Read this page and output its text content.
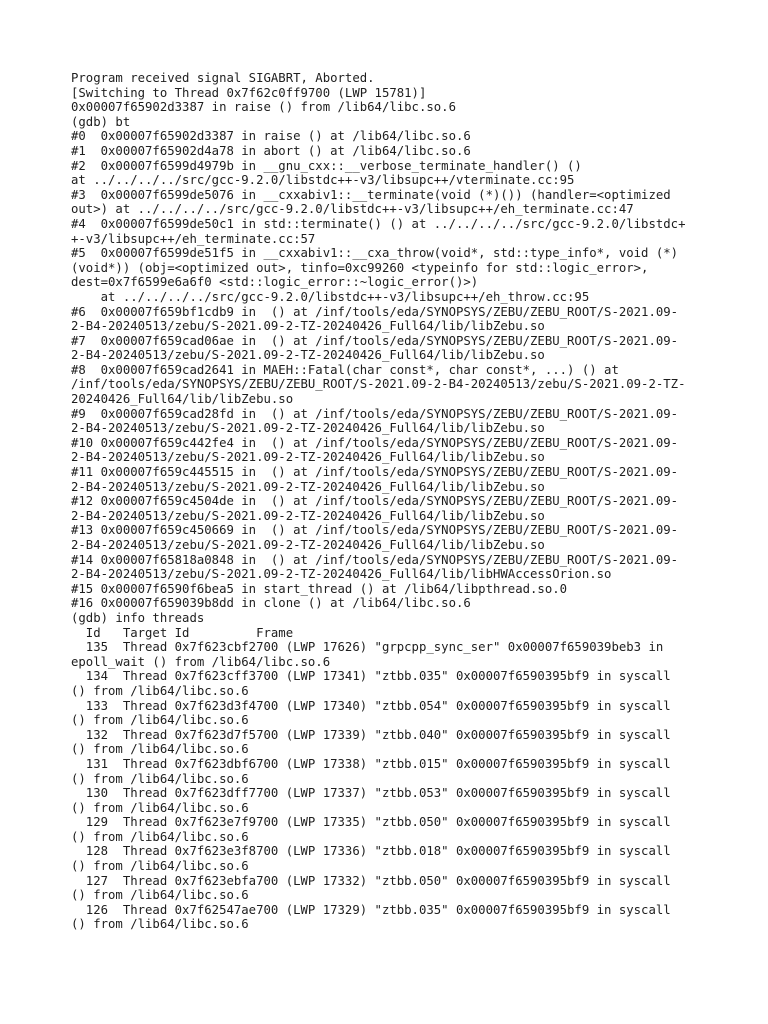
Program received signal SIGABRT, Aborted.
[Switching to Thread 0x7f62c0ff9700 (LWP 15781)]
0x00007f65902d3387 in raise () from /lib64/libc.so.6
(gdb) bt
#0  0x00007f65902d3387 in raise () at /lib64/libc.so.6
#1  0x00007f65902d4a78 in abort () at /lib64/libc.so.6
#2  0x00007f6599d4979b in __gnu_cxx::__verbose_terminate_handler() ()
at ../../../../src/gcc-9.2.0/libstdc++-v3/libsupc++/vterminate.cc:95
#3  0x00007f6599de5076 in __cxxabiv1::__terminate(void (*)()) (handler=<optimized
out>) at ../../../../src/gcc-9.2.0/libstdc++-v3/libsupc++/eh_terminate.cc:47
#4  0x00007f6599de50c1 in std::terminate() () at ../../../../src/gcc-9.2.0/libstdc+
+-v3/libsupc++/eh_terminate.cc:57
#5  0x00007f6599de51f5 in __cxxabiv1::__cxa_throw(void*, std::type_info*, void (*)
(void*)) (obj=<optimized out>, tinfo=0xc99260 <typeinfo for std::logic_error>,
dest=0x7f6599e6a6f0 <std::logic_error::~logic_error()>)
at ../../../../src/gcc-9.2.0/libstdc++-v3/libsupc++/eh_throw.cc:95
#6  0x00007f659bf1cdb9 in  () at /inf/tools/eda/SYNOPSYS/ZEBU/ZEBU_ROOT/S-2021.09-
2-B4-20240513/zebu/S-2021.09-2-TZ-20240426_Full64/lib/libZebu.so
#7  0x00007f659cad06ae in  () at /inf/tools/eda/SYNOPSYS/ZEBU/ZEBU_ROOT/S-2021.09-
2-B4-20240513/zebu/S-2021.09-2-TZ-20240426_Full64/lib/libZebu.so
#8  0x00007f659cad2641 in MAEH::Fatal(char const*, char const*, ...) () at
/inf/tools/eda/SYNOPSYS/ZEBU/ZEBU_ROOT/S-2021.09-2-B4-20240513/zebu/S-2021.09-2-TZ-
20240426_Full64/lib/libZebu.so
#9  0x00007f659cad28fd in  () at /inf/tools/eda/SYNOPSYS/ZEBU/ZEBU_ROOT/S-2021.09-
2-B4-20240513/zebu/S-2021.09-2-TZ-20240426_Full64/lib/libZebu.so
#10 0x00007f659c442fe4 in  () at /inf/tools/eda/SYNOPSYS/ZEBU/ZEBU_ROOT/S-2021.09-
2-B4-20240513/zebu/S-2021.09-2-TZ-20240426_Full64/lib/libZebu.so
#11 0x00007f659c445515 in  () at /inf/tools/eda/SYNOPSYS/ZEBU/ZEBU_ROOT/S-2021.09-
2-B4-20240513/zebu/S-2021.09-2-TZ-20240426_Full64/lib/libZebu.so
#12 0x00007f659c4504de in  () at /inf/tools/eda/SYNOPSYS/ZEBU/ZEBU_ROOT/S-2021.09-
2-B4-20240513/zebu/S-2021.09-2-TZ-20240426_Full64/lib/libZebu.so
#13 0x00007f659c450669 in  () at /inf/tools/eda/SYNOPSYS/ZEBU/ZEBU_ROOT/S-2021.09-
2-B4-20240513/zebu/S-2021.09-2-TZ-20240426_Full64/lib/libZebu.so
#14 0x00007f65818a0848 in  () at /inf/tools/eda/SYNOPSYS/ZEBU/ZEBU_ROOT/S-2021.09-
2-B4-20240513/zebu/S-2021.09-2-TZ-20240426_Full64/lib/libHWAccessOrion.so
#15 0x00007f6590f6bea5 in start_thread () at /lib64/libpthread.so.0
#16 0x00007f659039b8dd in clone () at /lib64/libc.so.6
(gdb) info threads
Id   Target Id         Frame
135  Thread 0x7f623cbf2700 (LWP 17626) "grpcpp_sync_ser" 0x00007f659039beb3 in
epoll_wait () from /lib64/libc.so.6
134  Thread 0x7f623cff3700 (LWP 17341) "ztbb.035" 0x00007f6590395bf9 in syscall
() from /lib64/libc.so.6
133  Thread 0x7f623d3f4700 (LWP 17340) "ztbb.054" 0x00007f6590395bf9 in syscall
() from /lib64/libc.so.6
132  Thread 0x7f623d7f5700 (LWP 17339) "ztbb.040" 0x00007f6590395bf9 in syscall
() from /lib64/libc.so.6
131  Thread 0x7f623dbf6700 (LWP 17338) "ztbb.015" 0x00007f6590395bf9 in syscall
() from /lib64/libc.so.6
130  Thread 0x7f623dff7700 (LWP 17337) "ztbb.053" 0x00007f6590395bf9 in syscall
() from /lib64/libc.so.6
129  Thread 0x7f623e7f9700 (LWP 17335) "ztbb.050" 0x00007f6590395bf9 in syscall
() from /lib64/libc.so.6
128  Thread 0x7f623e3f8700 (LWP 17336) "ztbb.018" 0x00007f6590395bf9 in syscall
() from /lib64/libc.so.6
127  Thread 0x7f623ebfa700 (LWP 17332) "ztbb.050" 0x00007f6590395bf9 in syscall
() from /lib64/libc.so.6
126  Thread 0x7f62547ae700 (LWP 17329) "ztbb.035" 0x00007f6590395bf9 in syscall
() from /lib64/libc.so.6
